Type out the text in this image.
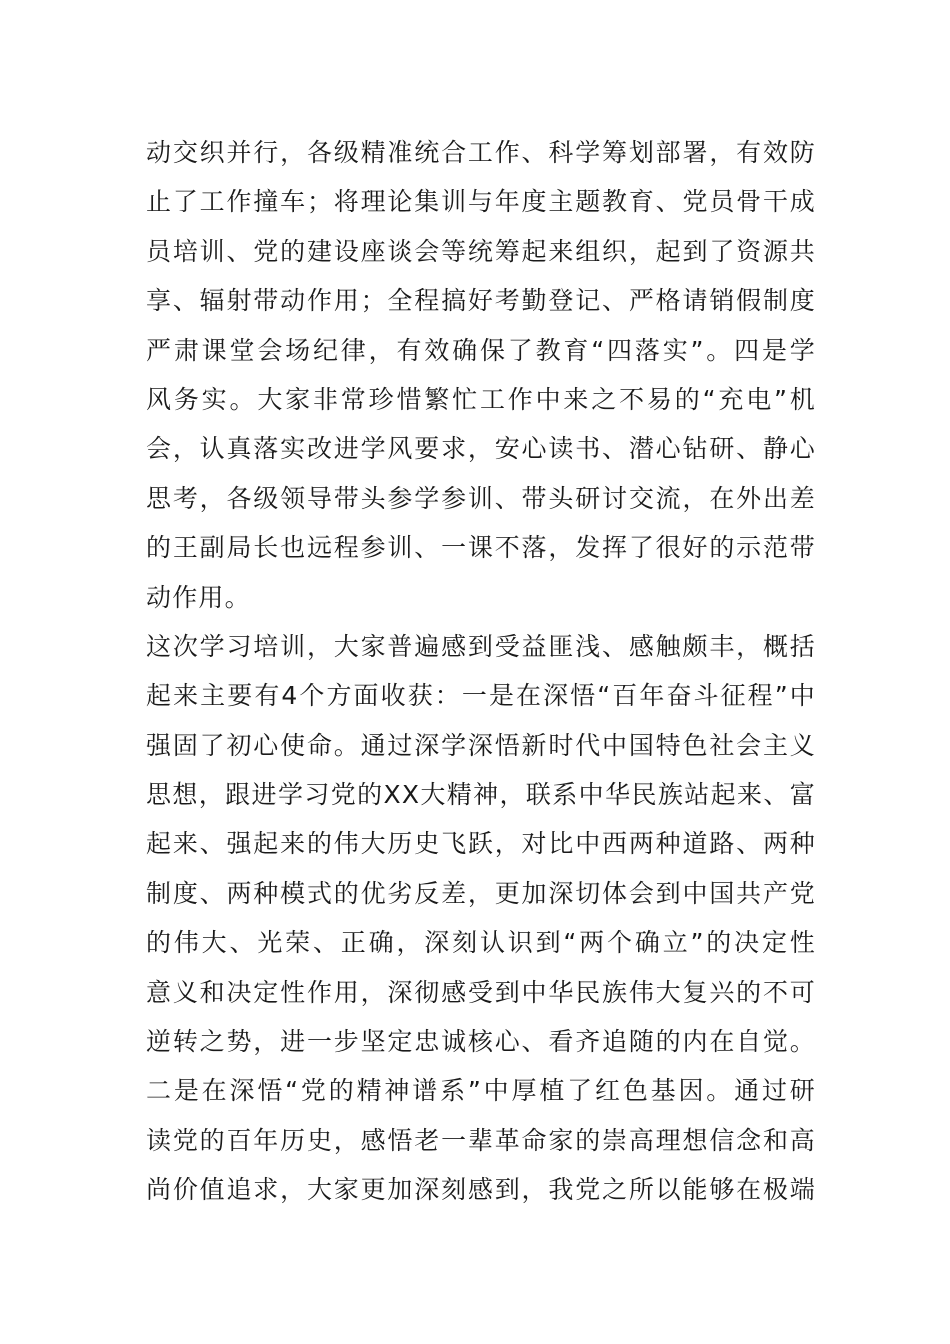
动交织并行，各级精准统合工作、科学筹划部署，有效防
止了工作撞车；将理论集训与年度主题教育、党员骨干成
员培训、党的建设座谈会等统筹起来组织，起到了资源共
享、辐射带动作用；全程搞好考勤登记、严格请销假制度
严肃课堂会场纪律，有效确保了教育“四落实”。四是学
风务实。大家非常珍惜繁忙工作中来之不易的“充电”机
会，认真落实改进学风要求，安心读书、潜心钻研、静心
思考，各级领导带头参学参训、带头研讨交流，在外出差
的王副局长也远程参训、一课不落，发挥了很好的示范带
动作用。
这次学习培训，大家普遍感到受益匪浅、感触颇丰，概括
起来主要有4个方面收获：一是在深悟“百年奋斗征程”中
强固了初心使命。通过深学深悟新时代中国特色社会主义
思想，跟进学习党的XX大精神，联系中华民族站起来、富
起来、强起来的伟大历史飞跃，对比中西两种道路、两种
制度、两种模式的优劣反差，更加深切体会到中国共产党
的伟大、光荣、正确，深刻认识到“两个确立”的决定性
意义和决定性作用，深彻感受到中华民族伟大复兴的不可
逆转之势，进一步坚定忠诚核心、看齐追随的内在自觉。
二是在深悟“党的精神谱系”中厚植了红色基因。通过研
读党的百年历史，感悟老一辈革命家的崇高理想信念和高
尚价值追求，大家更加深刻感到，我党之所以能够在极端
